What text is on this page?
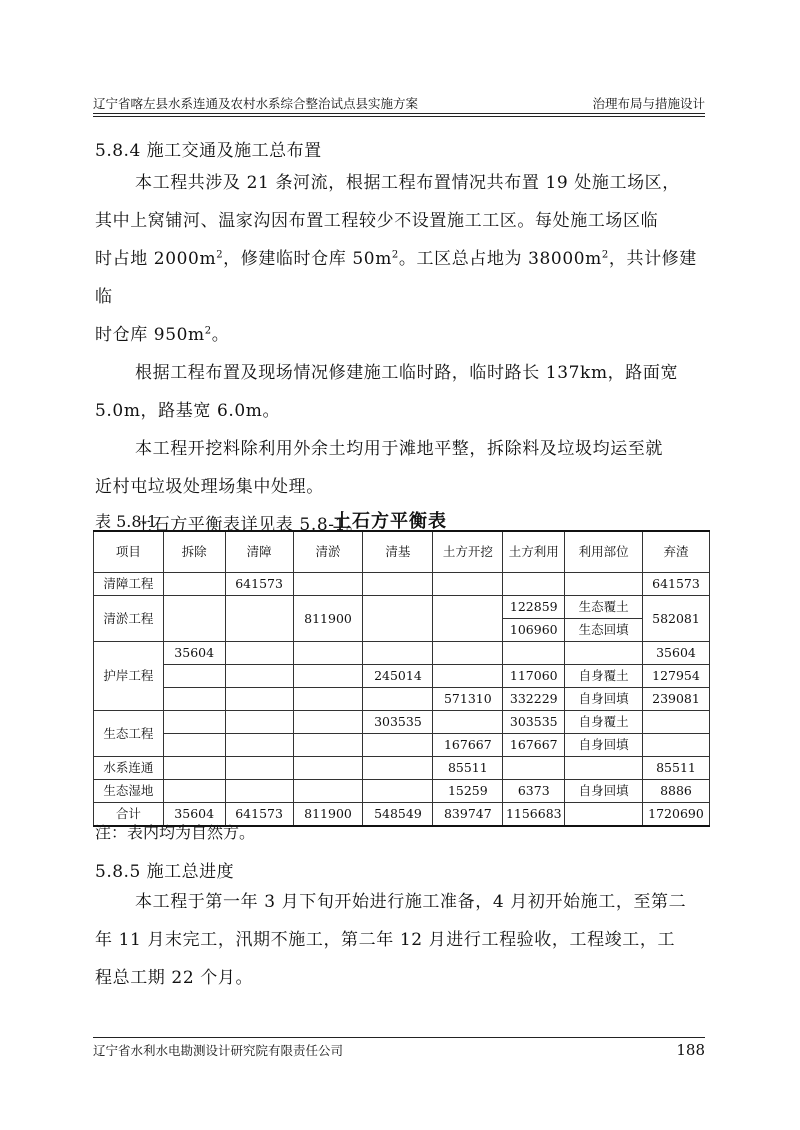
辽宁省喀左县水系连通及农村水系综合整治试点县实施方案	治理布局与措施设计
5.8.4 施工交通及施工总布置

本工程共涉及 21 条河流，根据工程布置情况共布置 19 处施工场区，

其中上窝铺河、温家沟因布置工程较少不设置施工工区。每处施工场区临

时占地 $2000m^2$，修建临时仓库 $50m^2$。工区总占地为 $38000m^2$，共计修建临

时仓库 $950m^2$。

根据工程布置及现场情况修建施工临时路，临时路长 137km，路面宽

5.0m，路基宽 6.0m。

本工程开挖料除利用外余土均用于滩地平整，拆除料及垃圾均运至就

近村屯垃圾处理场集中处理。

土石方平衡表详见表 5.8-1。

表 5.8-1	土石方平衡表
项目	拆除	清障	清淤	清基	土方开挖	土方利用	利用部位	弃渣
清障工程		641573						641573
清淤工程			811900			122859	生态覆土	582081
						106960	生态回填	
护岸工程	35604							35604
				245014		117060	自身覆土	127954
					571310	332229	自身回填	239081
生态工程				303535		303535	自身覆土	
					167667	167667	自身回填	
水系连通					85511			85511
生态湿地					15259	6373	自身回填	8886
合计	35604	641573	811900	548549	839747	1156683		1720690
注：表内均为自然方。
5.8.5 施工总进度

本工程于第一年 3 月下旬开始进行施工准备，4 月初开始施工，至第二

年 11 月末完工，汛期不施工，第二年 12 月进行工程验收，工程竣工，工

程总工期 22 个月。

辽宁省水利水电勘测设计研究院有限责任公司	188
